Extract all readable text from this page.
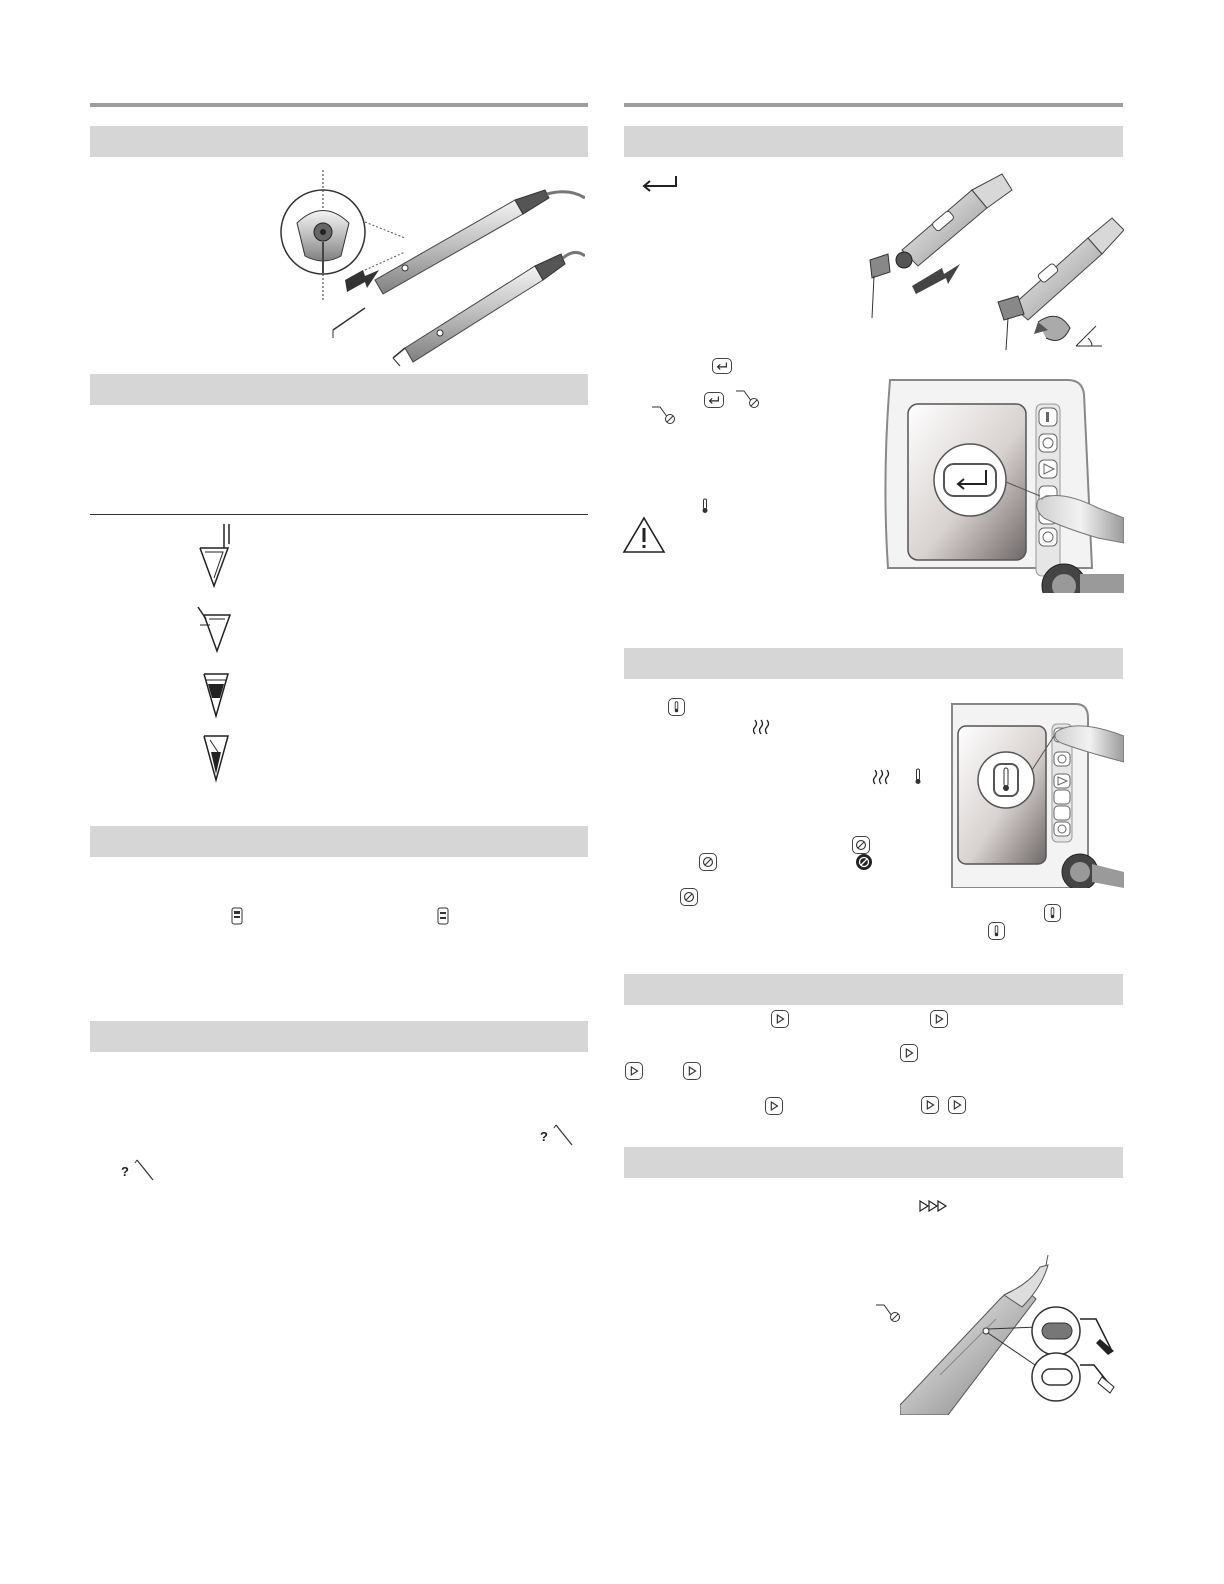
?
?
